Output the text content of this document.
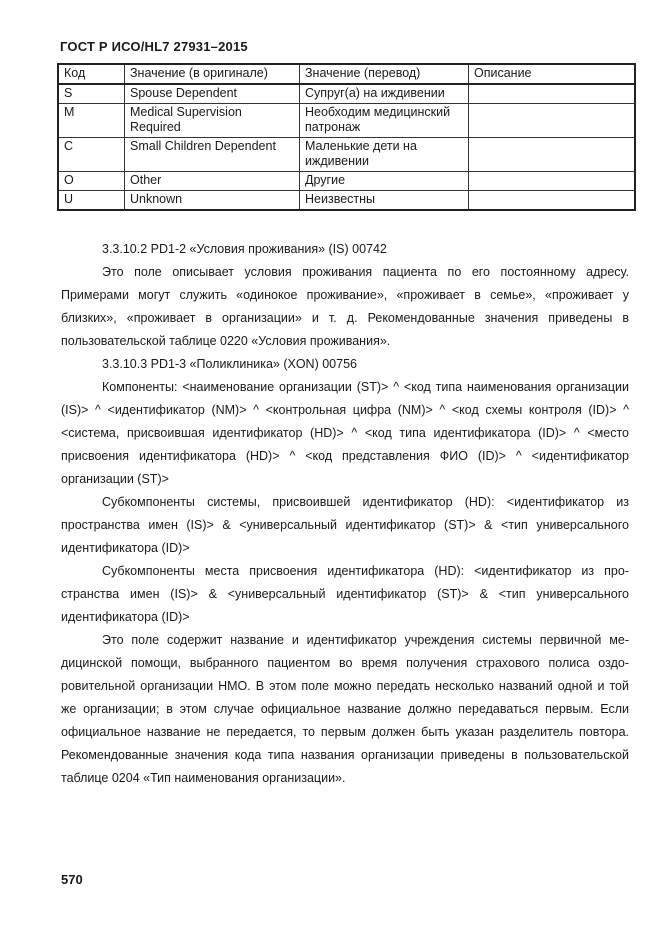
ГОСТ Р ИСО/HL7 27931–2015
Код	Значение (в оригинале)	Значение (перевод)	Описание
S	Spouse Dependent	Супруг(а) на иждивении	
M	Medical Supervision Required	Необходим медицинский патронаж	
C	Small Children Dependent	Маленькие дети на иждивении	
O	Other	Другие	
U	Unknown	Неизвестны	

3.3.10.2 PD1-2 «Условия проживания» (IS) 00742

Это поле описывает условия проживания пациента по его постоянному адресу. Примерами могут служить «одинокое проживание», «проживает в семье», «проживает у близких», «проживает в организации» и т. д. Рекомендованные значения приведены в пользовательской таблице 0220 «Условия проживания».

3.3.10.3 PD1-3 «Поликлиника» (XON) 00756

Компоненты: <наименование организации (ST)> ^ <код типа наименования организации (IS)> ^ <идентификатор (NM)> ^ <контрольная цифра (NM)> ^ <код схемы контроля (ID)> ^ <система, присвоившая идентификатор (HD)> ^ <код типа идентификатора (ID)> ^ <место присвоения идентификатора (HD)> ^ <код представления ФИО (ID)> ^ <идентификатор организации (ST)>

Субкомпоненты системы, присвоившей идентификатор (HD): <идентификатор из пространства имен (IS)> & <универсальный идентификатор (ST)> & <тип универсального идентификатора (ID)>

Субкомпоненты места присвоения идентификатора (HD): <идентификатор из пространства имен (IS)> & <универсальный идентификатор (ST)> & <тип универсального идентификатора (ID)>

Это поле содержит название и идентификатор учреждения системы первичной медицинской помощи, выбранного пациентом во время получения страхового полиса оздоровительной организации HMO. В этом поле можно передать несколько названий одной и той же организации; в этом случае официальное название должно передаваться первым. Если официальное название не передается, то первым должен быть указан разделитель повтора. Рекомендованные значения кода типа названия организации приведены в пользовательской таблице 0204 «Тип наименования организации».

570
